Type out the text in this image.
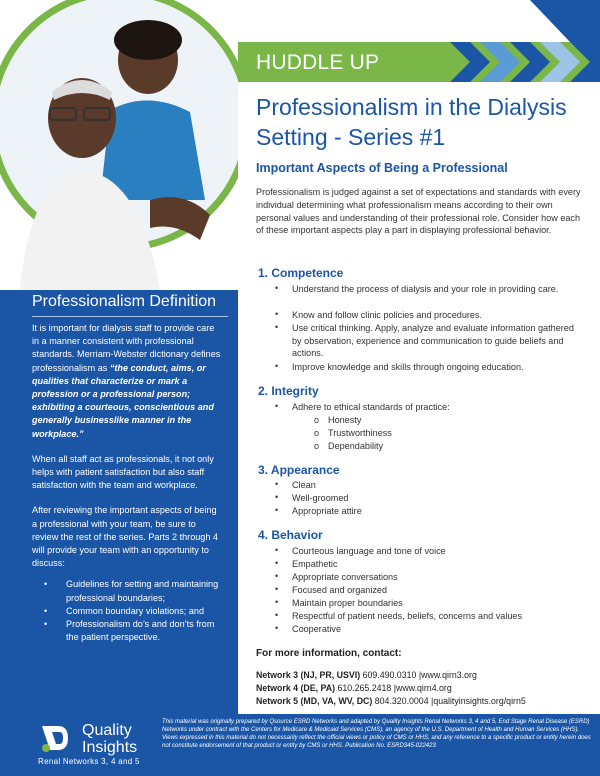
HUDDLE UP
Professionalism in the Dialysis
Setting - Series #1
Important Aspects of Being a Professional
Professionalism is judged against a set of expectations and standards with every individual determining what professionalism means according to their own personal values and understanding of their professional role. Consider how each of these important aspects play a part in displaying professional behavior.
1. Competence
• Understand the process of dialysis and your role in providing care.
• Know and follow clinic policies and procedures.
• Use critical thinking. Apply, analyze and evaluate information gathered by observation, experience and communication to guide beliefs and actions.
• Improve knowledge and skills through ongoing education.
2. Integrity
• Adhere to ethical standards of practice:
o Honesty
o Trustworthiness
o Dependability
3. Appearance
• Clean
• Well-groomed
• Appropriate attire
4. Behavior
• Courteous language and tone of voice
• Empathetic
• Appropriate conversations
• Focused and organized
• Maintain proper boundaries
• Respectful of patient needs, beliefs, concerns and values
• Cooperative
For more information, contact:
Network 3 (NJ, PR, USVI) 609.490.0310 |www.qirn3.org
Network 4 (DE, PA) 610.265.2418 |www.qirn4.org
Network 5 (MD, VA, WV, DC) 804.320.0004 |qualityinsights.org/qirn5
Professionalism Definition

It is important for dialysis staff to provide care in a manner consistent with professional standards. Merriam-Webster dictionary defines professionalism as “the conduct, aims, or qualities that characterize or mark a profession or a professional person; exhibiting a courteous, conscientious and generally businesslike manner in the workplace.”

When all staff act as professionals, it not only helps with patient satisfaction but also staff satisfaction with the team and workplace.

After reviewing the important aspects of being a professional with your team, be sure to review the rest of the series. Parts 2 through 4 will provide your team with an opportunity to discuss:

• Guidelines for setting and maintaining professional boundaries;
• Common boundary violations; and
• Professionalism do’s and don’ts from the patient perspective.
Quality
Insights
Renal Networks 3, 4 and 5
This material was originally prepared by Qsource ESRD Networks and adapted by Quality Insights Renal Networks 3, 4 and 5, End Stage Renal Disease (ESRD) Networks under contract with the Centers for Medicare & Medicaid Services (CMS), an agency of the U.S. Department of Health and Human Services (HHS). Views expressed in this material do not necessarily reflect the official views or policy of CMS or HHS, and any reference to a specific product or entity herein does not constitute endorsement of that product or entity by CMS or HHS. Publication No. ESRD345-022423
